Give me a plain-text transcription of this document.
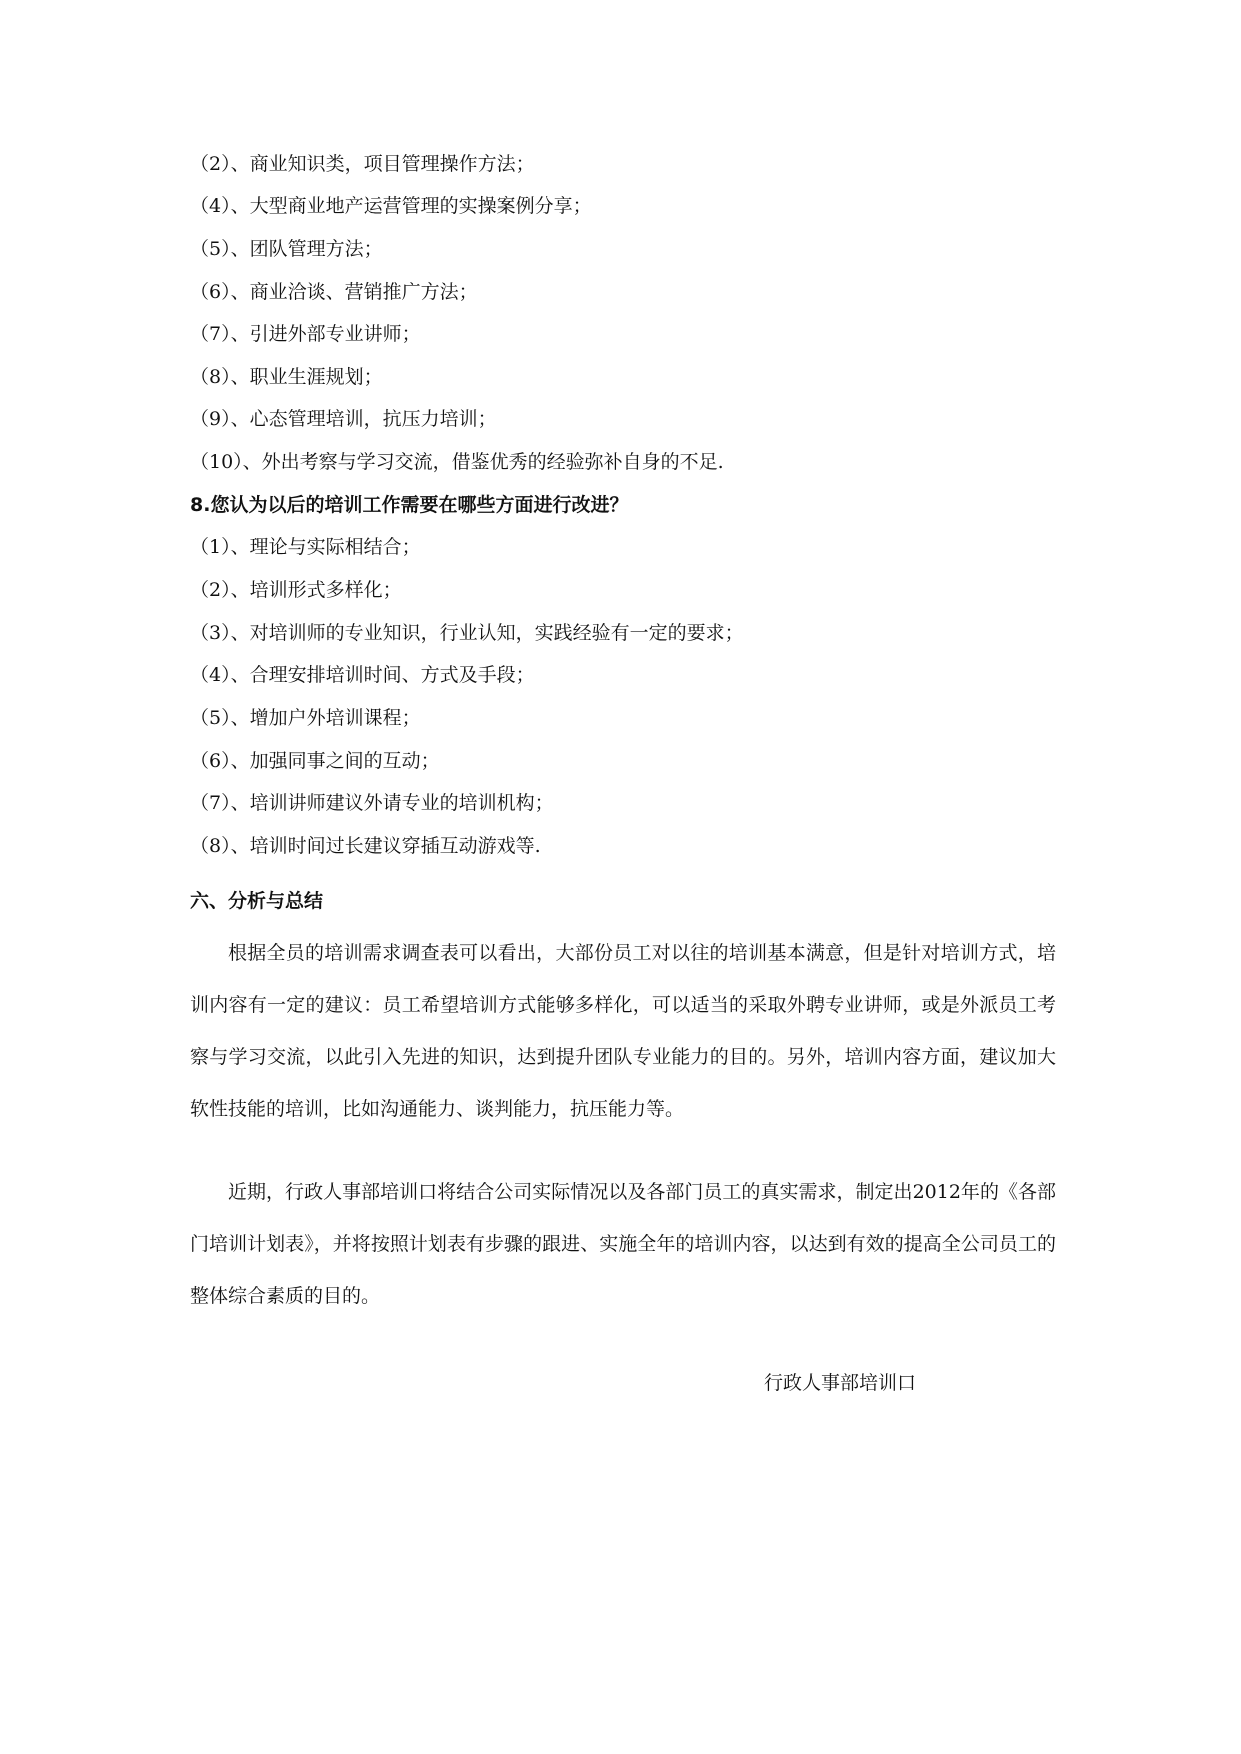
（2）、商业知识类，项目管理操作方法；
（4）、大型商业地产运营管理的实操案例分享；
（5）、团队管理方法；
（6）、商业洽谈、营销推广方法；
（7）、引进外部专业讲师；
（8）、职业生涯规划；
（9）、心态管理培训，抗压力培训；
（10）、外出考察与学习交流，借鉴优秀的经验弥补自身的不足.
8.您认为以后的培训工作需要在哪些方面进行改进？
（1）、理论与实际相结合；
（2）、培训形式多样化；
（3）、对培训师的专业知识，行业认知，实践经验有一定的要求；
（4）、合理安排培训时间、方式及手段；
（5）、增加户外培训课程；
（6）、加强同事之间的互动；
（7）、培训讲师建议外请专业的培训机构；
（8）、培训时间过长建议穿插互动游戏等.
六、分析与总结

根据全员的培训需求调查表可以看出，大部份员工对以往的培训基本满意，但是针对培训方式，培训内容有一定的建议：员工希望培训方式能够多样化，可以适当的采取外聘专业讲师，或是外派员工考察与学习交流，以此引入先进的知识，达到提升团队专业能力的目的。另外，培训内容方面，建议加大软性技能的培训，比如沟通能力、谈判能力，抗压能力等。

近期，行政人事部培训口将结合公司实际情况以及各部门员工的真实需求，制定出2012年的《各部门培训计划表》，并将按照计划表有步骤的跟进、实施全年的培训内容，以达到有效的提高全公司员工的整体综合素质的目的。

行政人事部培训口
